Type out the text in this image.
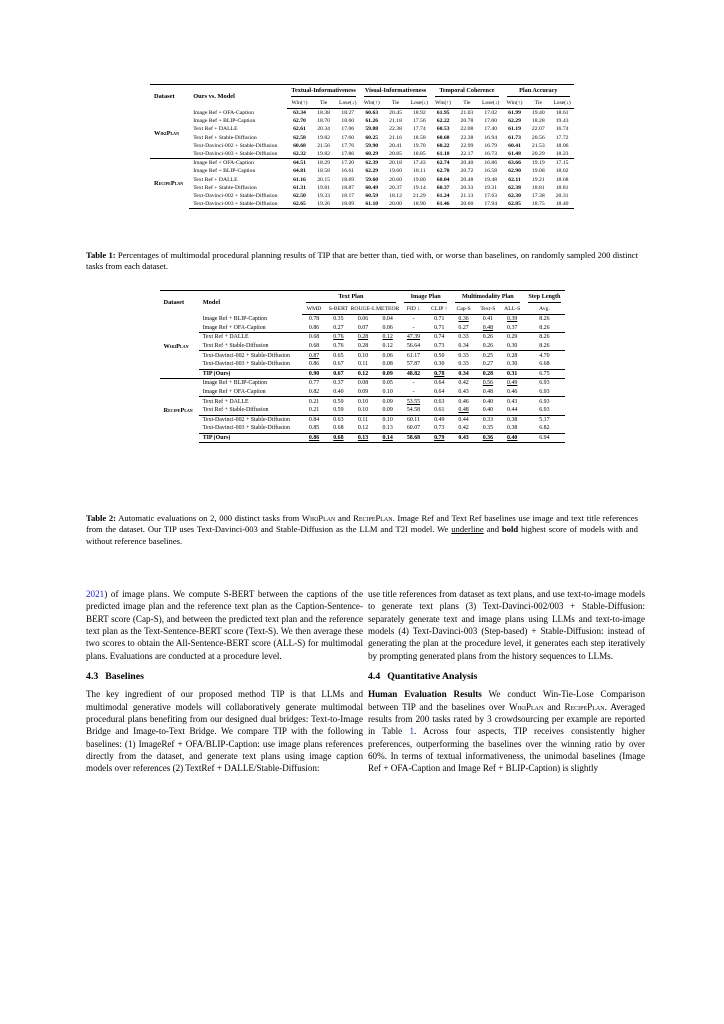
Dataset	Ours vs. Model	Textual-Informativeness			Visual-Informativeness			Temporal Coherence			Plan Accuracy		

		Win(↑)	Tie	Lose(↓)	Win(↑)	Tie	Lose(↓)	Win(↑)	Tie	Lose(↓)	Win(↑)	Tie	Lose(↓)
WikiPlan	Image Ref + OFA-Caption	63.34	18.38	18.27	60.63	20.45	18.92	61.95	21.03	17.02	61.99	19.40	18.61
	Image Ref + BLIP-Caption	62.70	18.70	18.60	61.26	21.18	17.56	62.22	20.78	17.00	62.29	18.28	19.43
	Text Ref + DALLE	62.61	20.34	17.06	59.88	22.38	17.74	60.53	22.08	17.40	61.19	22.07	16.74
	Text Ref + Stable-Diffusion	62.58	19.82	17.60	60.25	21.16	18.58	60.68	22.38	16.94	61.73	20.56	17.72
	Text-Davinci-002 + Stable-Diffusion	60.68	21.56	17.76	59.90	20.41	19.70	60.22	22.99	16.79	60.41	21.53	18.06
	Text-Davinci-003 + Stable-Diffusion	62.32	19.82	17.86	60.29	20.85	18.85	61.10	22.17	16.73	61.48	20.29	18.23
RecipePlan	Image Ref + OFA-Caption	64.51	18.29	17.20	62.39	20.18	17.43	62.74	20.40	16.86	63.66	19.19	17.15
	Image Ref + BLIP-Caption	64.81	18.58	16.61	62.29	19.60	18.11	62.70	20.72	16.58	62.90	19.08	18.02
	Text Ref + DALLE	61.16	20.15	18.69	59.60	20.60	19.80	60.04	20.48	19.48	62.11	19.21	18.68
	Text Ref + Stable-Diffusion	61.31	19.81	18.87	60.49	20.37	19.14	60.37	20.33	19.31	62.38	18.81	18.81
	Text-Davinci-002 + Stable-Diffusion	62.50	19.33	18.17	60.59	18.12	21.29	61.24	21.13	17.63	62.30	17.38	20.31
	Text-Davinci-003 + Stable-Diffusion	62.65	19.26	18.09	61.10	20.00	18.90	61.46	20.60	17.94	62.85	18.75	18.40
Table 1: Percentages of multimodal procedural planning results of TIP that are better than, tied with, or worse than baselines, on randomly sampled 200 distinct tasks from each dataset.
Dataset	Model	Text Plan				Image Plan		Multimodality Plan			Step Length

		WMD	S-BERT	ROUGE-L	METEOR	FID ↓	CLIP ↑	Cap-S	Text-S	ALL-S	Avg.
WikiPlan	Image Ref + BLIP-Caption	0.78	0.35	0.06	0.04	-	0.71	0.36	0.41	0.39	8.26
	Image Ref + OFA-Caption	0.86	0.27	0.07	0.06	-	0.71	0.27	0.48	0.37	8.26
	Text Ref + DALLE	0.68	0.76	0.28	0.12	47.39	0.74	0.33	0.26	0.29	8.26
	Text Ref + Stable-Diffusion	0.68	0.76	0.28	0.12	56.64	0.73	0.34	0.26	0.30	8.26
	Text-Davinci-002 + Stable-Diffusion	0.87	0.65	0.10	0.06	61.17	0.50	0.33	0.25	0.28	4.70
	Text-Davinci-003 + Stable-Diffusion	0.86	0.67	0.11	0.08	57.87	0.30	0.33	0.27	0.30	6.68
	TIP (Ours)	0.90	0.67	0.12	0.09	48.82	0.78	0.34	0.28	0.31	6.75
RecipePlan	Image Ref + BLIP-Caption	0.77	0.37	0.08	0.05	-	0.64	0.42	0.56	0.49	6.93
	Image Ref + OFA-Caption	0.82	0.40	0.09	0.10	-	0.64	0.43	0.48	0.46	6.93
	Text Ref + DALLE	0.21	0.59	0.10	0.09	53.55	0.63	0.46	0.40	0.43	6.93
	Text Ref + Stable-Diffusion	0.21	0.59	0.10	0.09	54.58	0.61	0.48	0.40	0.44	6.93
	Text-Davinci-002 + Stable-Diffusion	0.84	0.63	0.11	0.10	60.11	0.49	0.44	0.33	0.38	5.17
	Text-Davinci-003 + Stable-Diffusion	0.85	0.68	0.12	0.13	60.07	0.73	0.42	0.35	0.38	6.82
	TIP (Ours)	0.86	0.68	0.13	0.14	58.68	0.79	0.43	0.36	0.40	6.94
Table 2: Automatic evaluations on 2, 000 distinct tasks from WikiPlan and RecipePlan. Image Ref and Text Ref baselines use image and text title references from the dataset. Our TIP uses Text-Davinci-003 and Stable-Diffusion as the LLM and T2I model. We underline and bold highest score of models with and without reference baselines.

2021) of image plans. We compute S-BERT between the captions of the predicted image plan and the reference text plan as the Caption-Sentence-BERT score (Cap-S), and between the predicted text plan and the reference text plan as the Text-Sentence-BERT score (Text-S). We then average these two scores to obtain the All-Sentence-BERT score (ALL-S) for multimodal plans. Evaluations are conducted at a procedure level.

4.3 Baselines

The key ingredient of our proposed method TIP is that LLMs and multimodal generative models will collaboratively generate multimodal procedural plans benefiting from our designed dual bridges: Text-to-Image Bridge and Image-to-Text Bridge. We compare TIP with the following baselines: (1) ImageRef + OFA/BLIP-Caption: use image plans references directly from the dataset, and generate text plans using image caption models over references (2) TextRef + DALLE/Stable-Diffusion:

use title references from dataset as text plans, and use text-to-image models to generate text plans (3) Text-Davinci-002/003 + Stable-Diffusion: separately generate text and image plans using LLMs and text-to-image models (4) Text-Davinci-003 (Step-based) + Stable-Diffusion: instead of generating the plan at the procedure level, it generates each step iteratively by prompting generated plans from the history sequences to LLMs.

4.4 Quantitative Analysis

Human Evaluation Results We conduct Win-Tie-Lose Comparison between TIP and the baselines over WikiPlan and RecipePlan. Averaged results from 200 tasks rated by 3 crowdsourcing per example are reported in Table 1. Across four aspects, TIP receives consistently higher preferences, outperforming the baselines over the winning ratio by over 60%. In terms of textual informativeness, the unimodal baselines (Image Ref + OFA-Caption and Image Ref + BLIP-Caption) is slightly
